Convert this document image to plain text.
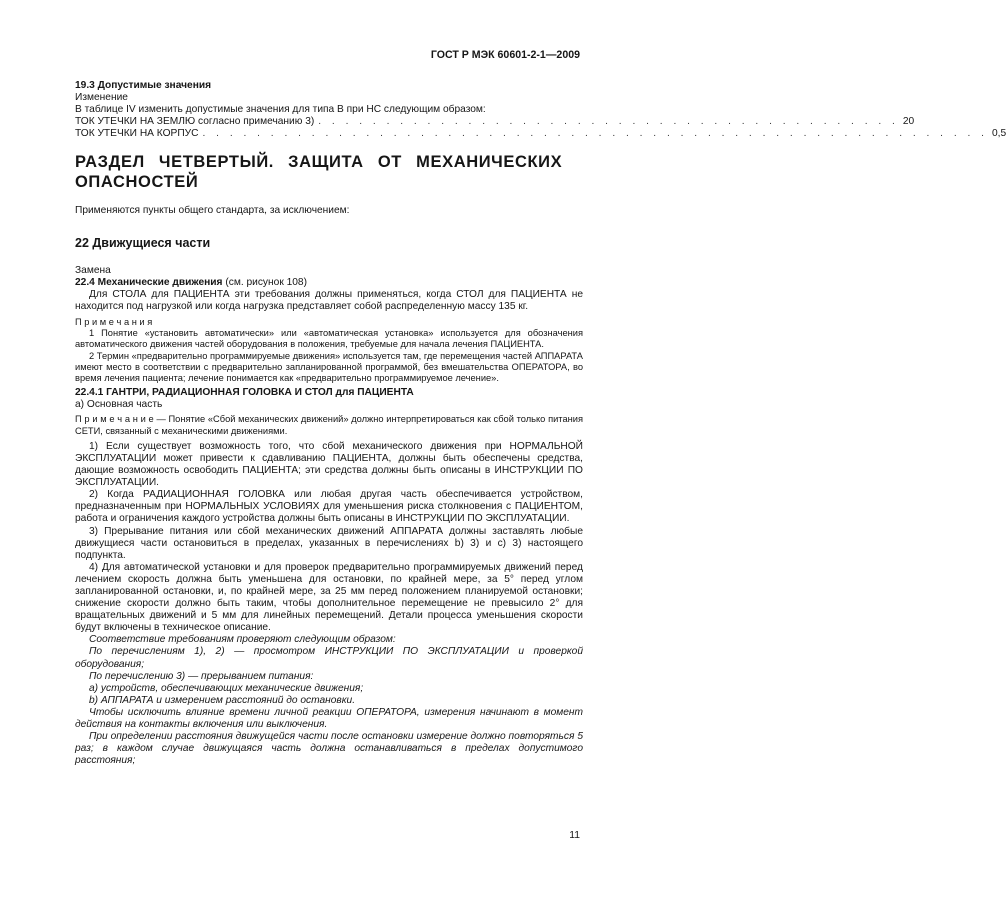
ГОСТ Р МЭК 60601-2-1—2009
19.3 Допустимые значения
Изменение
В таблице IV изменить допустимые значения для типа В при НС следующим образом:
ТОК УТЕЧКИ НА ЗЕМЛЮ согласно примечанию 3) . . . . . . . . . . . . . . . . . . . . . . . . . . . . . . . . . . . . . . . . . . . 20
ТОК УТЕЧКИ НА КОРПУС . . . . . . . . . . . . . . . . . . . . . . . . . . . . . . . . . . . . . . . . . . . . . . . . . . . . . . . . . . 0,5
РАЗДЕЛ ЧЕТВЕРТЫЙ. ЗАЩИТА ОТ МЕХАНИЧЕСКИХ
ОПАСНОСТЕЙ
Применяются пункты общего стандарта, за исключением:
22 Движущиеся части
Замена
22.4 Механические движения (см. рисунок 108)
Для СТОЛА для ПАЦИЕНТА эти требования должны применяться, когда СТОЛ для ПАЦИЕНТА не находится под нагрузкой или когда нагрузка представляет собой распределенную массу 135 кг.
П р и м е ч а н и я
1 Понятие «установить автоматически» или «автоматическая установка» используется для обозначения автоматического движения частей оборудования в положения, требуемые для начала лечения ПАЦИЕНТА.
2 Термин «предварительно программируемые движения» используется там, где перемещения частей АППАРАТА имеют место в соответствии с предварительно запланированной программой, без вмешательства ОПЕРАТОРА, во время лечения пациента; лечение понимается как «предварительно программируемое лечение».
22.4.1 ГАНТРИ, РАДИАЦИОННАЯ ГОЛОВКА И СТОЛ для ПАЦИЕНТА
а) Основная часть
П р и м е ч а н и е — Понятие «Сбой механических движений» должно интерпретироваться как сбой только питания СЕТИ, связанный с механическими движениями.
1) Если существует возможность того, что сбой механического движения при НОРМАЛЬНОЙ ЭКСПЛУАТАЦИИ может привести к сдавливанию ПАЦИЕНТА, должны быть обеспечены средства, дающие возможность освободить ПАЦИЕНТА; эти средства должны быть описаны в ИНСТРУКЦИИ ПО ЭКСПЛУАТАЦИИ.
2) Когда РАДИАЦИОННАЯ ГОЛОВКА или любая другая часть обеспечивается устройством, предназначенным при НОРМАЛЬНЫХ УСЛОВИЯХ для уменьшения риска столкновения с ПАЦИЕНТОМ, работа и ограничения каждого устройства должны быть описаны в ИНСТРУКЦИИ ПО ЭКСПЛУАТАЦИИ.
3) Прерывание питания или сбой механических движений АППАРАТА должны заставлять любые движущиеся части остановиться в пределах, указанных в перечислениях b) 3) и с) 3) настоящего подпункта.
4) Для автоматической установки и для проверок предварительно программируемых движений перед лечением скорость должна быть уменьшена для остановки, по крайней мере, за 5° перед углом запланированной остановки, и, по крайней мере, за 25 мм перед положением планируемой остановки; снижение скорости должно быть таким, чтобы дополнительное перемещение не превысило 2° для вращательных движений и 5 мм для линейных перемещений. Детали процесса уменьшения скорости будут включены в техническое описание.
Соответствие требованиям проверяют следующим образом:
По перечислениям 1), 2) — просмотром ИНСТРУКЦИИ ПО ЭКСПЛУАТАЦИИ и проверкой оборудования;
По перечислению 3) — прерыванием питания:
а) устройств, обеспечивающих механические движения;
b) АППАРАТА и измерением расстояний до остановки.
Чтобы исключить влияние времени личной реакции ОПЕРАТОРА, измерения начинают в момент действия на контакты включения или выключения.
При определении расстояния движущейся части после остановки измерение должно повторяться 5 раз; в каждом случае движущаяся часть должна останавливаться в пределах допустимого расстояния;
11
